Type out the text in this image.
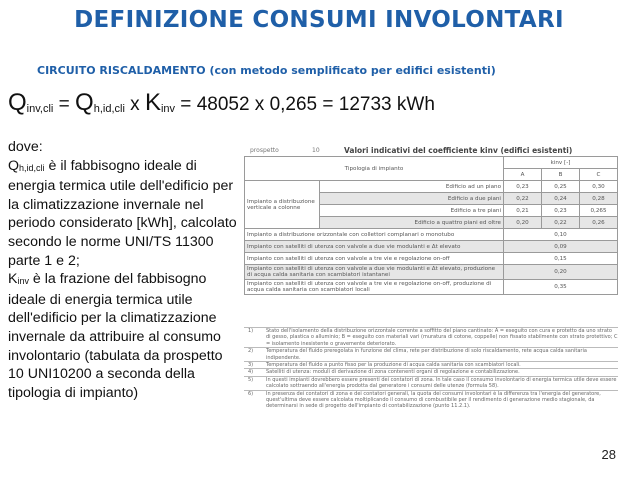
DEFINIZIONE CONSUMI INVOLONTARI
CIRCUITO RISCALDAMENTO (con metodo semplificato per edifici esistenti)
$Q_{inv,cli} = Q_{h,id,cli}$ x $K_{inv} = 48052$ x 0,265 = 12733 kWh

dove:

$Q_{h,id,cli}$ è il fabbisogno ideale di energia termica utile dell'edificio per la climatizzazione invernale nel periodo considerato [kWh], calcolato secondo le norme UNI/TS 11300 parte 1 e 2;

$K_{inv}$ è la frazione del fabbisogno ideale di energia termica utile dell'edificio per la climatizzazione invernale da attribuire al consumo involontario (tabulata da prospetto 10 UNI10200 a seconda della tipologia di impianto)

prospetto	10	Valori indicativi del coefficiente kinv (edifici esistenti)
Tipologia di impianto		kinv [-]		
		A	B	C
Impianto a distribuzione verticale a colonne	Edificio ad un piano	0,23	0,25	0,30
	Edificio a due piani	0,22	0,24	0,28
	Edificio a tre piani	0,21	0,23	0,265
	Edificio a quattro piani ed oltre	0,20	0,22	0,26
Impianto a distribuzione orizzontale con collettori complanari o monotubo		0,10		
Impianto con satelliti di utenza con valvole a due vie modulanti e Δt elevato		0,09		
Impianto con satelliti di utenza con valvole a tre vie e regolazione on-off		0,15		
Impianto con satelliti di utenza con valvole a due vie modulanti e Δt elevato, produzione di acqua calda sanitaria con scambiatori istantanei		0,20		
Impianto con satelliti di utenza con valvole a tre vie e regolazione on-off, produzione di acqua calda sanitaria con scambiatori locali		0,35		
1)	Stato dell'isolamento della distribuzione orizzontale corrente a soffitto del piano cantinato: A = eseguito con cura e protetto da uno strato di gesso, plastica o alluminio; B = eseguito con materiali vari (muratura di cotone, coppelle) non fissato stabilmente con strato protettivo; C = isolamento inesistente o gravemente deteriorato.
2)	Temperatura del fluido preregolata in funzione del clima, rete per distribuzione di solo riscaldamento, rete acqua calda sanitaria indipendente.
3)	Temperatura del fluido a punto fisso per la produzione di acqua calda sanitaria con scambiatori locali.
4)	Satelliti di utenza: moduli di derivazione di zona contenenti organi di regolazione e contabilizzazione.
5)	In questi impianti dovrebbero essere presenti dei contatori di zona. In tale caso il consumo involontario di energia termica utile deve essere calcolato sottraendo all'energia prodotta dal generatore i consumi delle utenze (formula 58).
6)	In presenza dei contatori di zona e dei contatori generali, la quota dei consumi involontari è la differenza tra l'energia del generatore, quest'ultima deve essere calcolata moltiplicando il consumo di combustibile per il rendimento di generazione medio stagionale, da determinarsi in sede di progetto dell'impianto di contabilizzazione (punto 11.2.1).
28
